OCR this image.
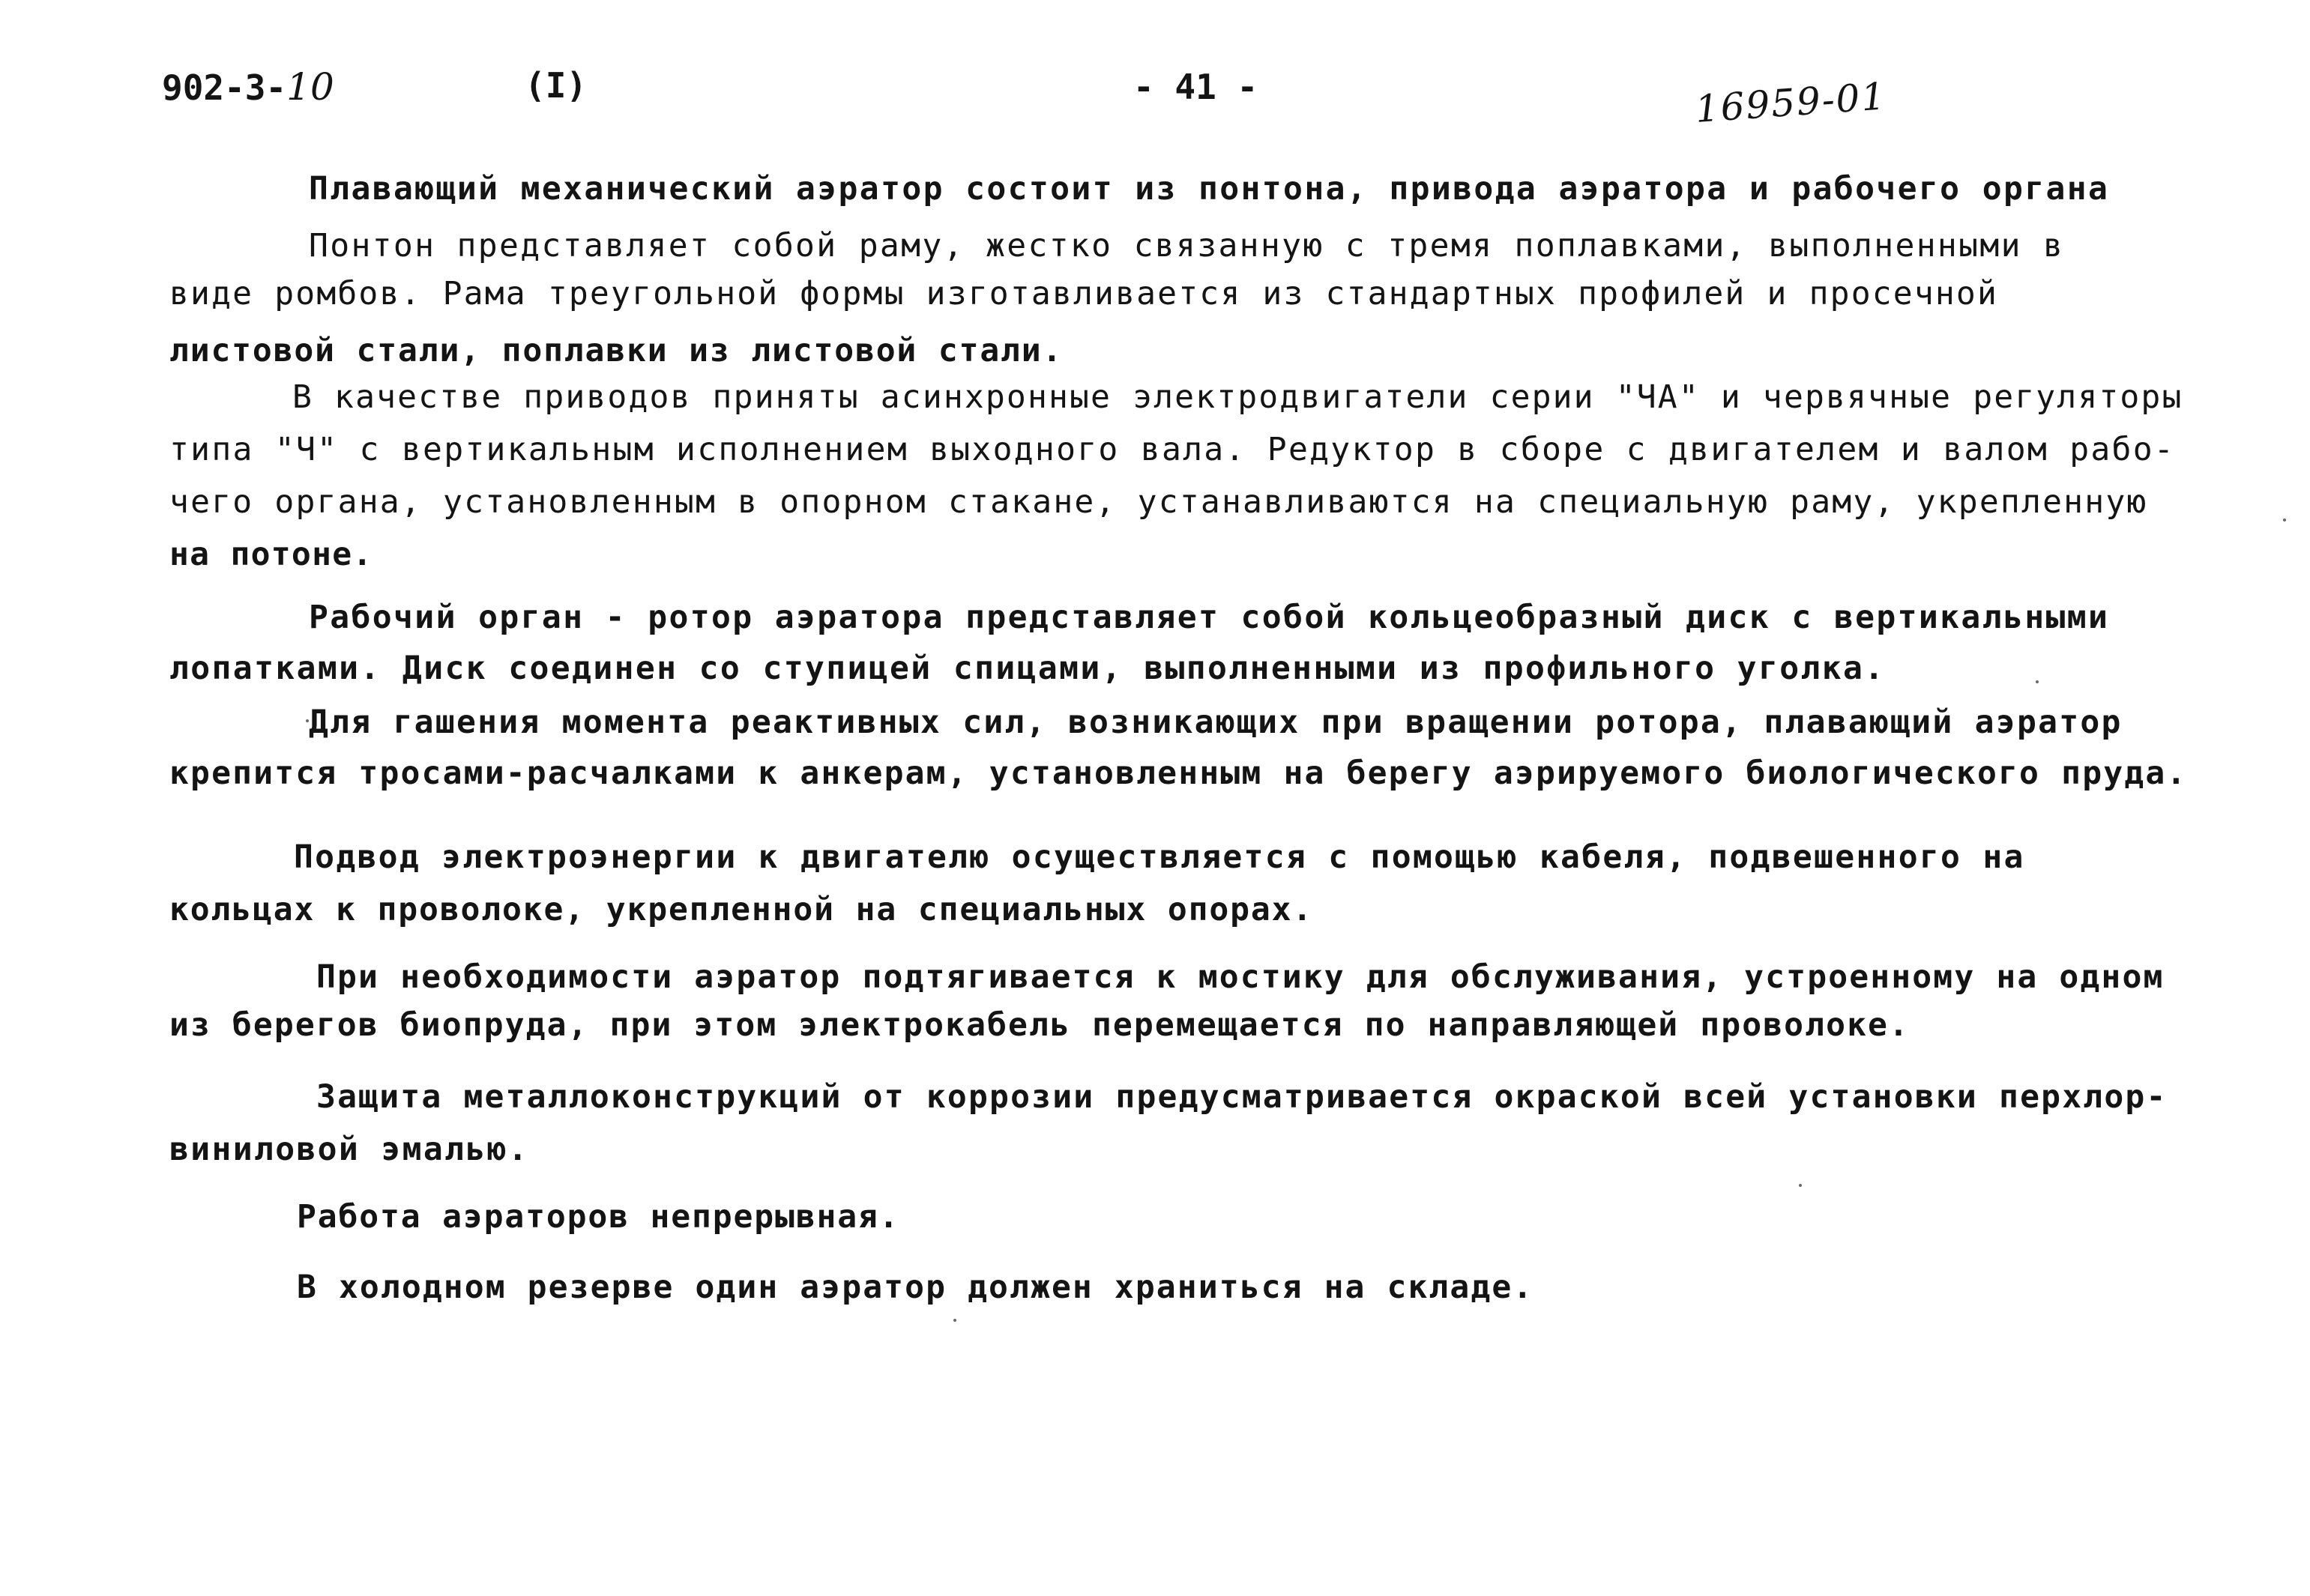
902-3-10	(I)	- 41 -	16959-01
Плавающий механический аэратор состоит из понтона, привода аэратора и рабочего органа
Понтон представляет собой раму, жестко связанную с тремя поплавками, выполненными в
виде ромбов. Рама треугольной формы изготавливается из стандартных профилей и просечной
листовой стали, поплавки из листовой стали.
В качестве приводов приняты асинхронные электродвигатели серии "ЧА" и червячные регуляторы
типа "Ч" с вертикальным исполнением выходного вала. Редуктор в сборе с двигателем и валом рабо-
чего органа, установленным в опорном стакане, устанавливаются на специальную раму, укрепленную
на потоне.
Рабочий орган - ротор аэратора представляет собой кольцеобразный диск с вертикальными
лопатками. Диск соединен со ступицей спицами, выполненными из профильного уголка.
Для гашения момента реактивных сил, возникающих при вращении ротора, плавающий аэратор
крепится тросами-расчалками к анкерам, установленным на берегу аэрируемого биологического пруда.
Подвод электроэнергии к двигателю осуществляется с помощью кабеля, подвешенного на
кольцах к проволоке, укрепленной на специальных опорах.
При необходимости аэратор подтягивается к мостику для обслуживания, устроенному на одном
из берегов биопруда, при этом электрокабель перемещается по направляющей проволоке.
Защита металлоконструкций от коррозии предусматривается окраской всей установки перхлор-
виниловой эмалью.
Работа аэраторов непрерывная.
В холодном резерве один аэратор должен храниться на складе.
